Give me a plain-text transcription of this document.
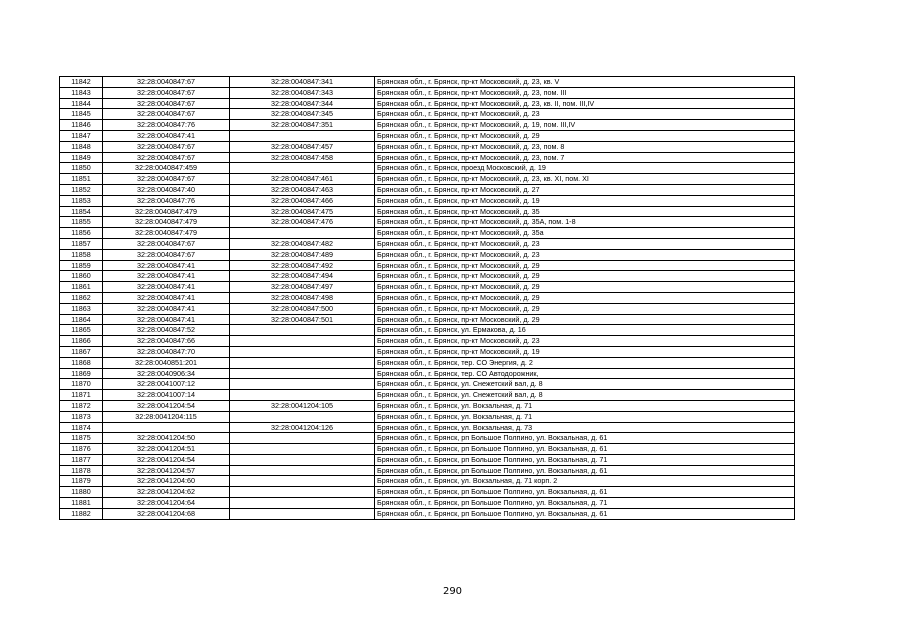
11842	32:28:0040847:67	32:28:0040847:341	Брянская обл., г. Брянск, пр-кт Московский, д. 23, кв. V
11843	32:28:0040847:67	32:28:0040847:343	Брянская обл., г. Брянск, пр-кт Московский, д. 23, пом. III
11844	32:28:0040847:67	32:28:0040847:344	Брянская обл., г. Брянск, пр-кт Московский, д. 23, кв. II, пом. III,IV
11845	32:28:0040847:67	32:28:0040847:345	Брянская обл., г. Брянск, пр-кт Московский, д. 23
11846	32:28:0040847:76	32:28:0040847:351	Брянская обл., г. Брянск, пр-кт Московский, д. 19, пом. III,IV
11847	32:28:0040847:41		Брянская обл., г. Брянск, пр-кт Московский, д. 29
11848	32:28:0040847:67	32:28:0040847:457	Брянская обл., г. Брянск, пр-кт Московский, д. 23, пом. 8
11849	32:28:0040847:67	32:28:0040847:458	Брянская обл., г. Брянск, пр-кт Московский, д. 23, пом. 7
11850	32:28:0040847:459		Брянская обл., г. Брянск, проезд Московский, д. 19
11851	32:28:0040847:67	32:28:0040847:461	Брянская обл., г. Брянск, пр-кт Московский, д. 23, кв. XI, пом. XI
11852	32:28:0040847:40	32:28:0040847:463	Брянская обл., г. Брянск, пр-кт Московский, д. 27
11853	32:28:0040847:76	32:28:0040847:466	Брянская обл., г. Брянск, пр-кт Московский, д. 19
11854	32:28:0040847:479	32:28:0040847:475	Брянская обл., г. Брянск, пр-кт Московский, д. 35
11855	32:28:0040847:479	32:28:0040847:476	Брянская обл., г. Брянск, пр-кт Московский, д. 35А, пом. 1-8
11856	32:28:0040847:479		Брянская обл., г. Брянск, пр-кт Московский, д. 35а
11857	32:28:0040847:67	32:28:0040847:482	Брянская обл., г. Брянск, пр-кт Московский, д. 23
11858	32:28:0040847:67	32:28:0040847:489	Брянская обл., г. Брянск, пр-кт Московский, д. 23
11859	32:28:0040847:41	32:28:0040847:492	Брянская обл., г. Брянск, пр-кт Московский, д. 29
11860	32:28:0040847:41	32:28:0040847:494	Брянская обл., г. Брянск, пр-кт Московский, д. 29
11861	32:28:0040847:41	32:28:0040847:497	Брянская обл., г. Брянск, пр-кт Московский, д. 29
11862	32:28:0040847:41	32:28:0040847:498	Брянская обл., г. Брянск, пр-кт Московский, д. 29
11863	32:28:0040847:41	32:28:0040847:500	Брянская обл., г. Брянск, пр-кт Московский, д. 29
11864	32:28:0040847:41	32:28:0040847:501	Брянская обл., г. Брянск, пр-кт Московский, д. 29
11865	32:28:0040847:52		Брянская обл., г. Брянск, ул. Ермакова, д. 16
11866	32:28:0040847:66		Брянская обл., г. Брянск, пр-кт Московский, д. 23
11867	32:28:0040847:70		Брянская обл., г. Брянск, пр-кт Московский, д. 19
11868	32:28:0040851:201		Брянская обл., г. Брянск, тер. СО Энергия, д. 2
11869	32:28:0040906:34		Брянская обл., г. Брянск, тер. СО Автодорожник,
11870	32:28:0041007:12		Брянская обл., г. Брянск, ул. Снежетский вал, д. 8
11871	32:28:0041007:14		Брянская обл., г. Брянск, ул. Снежетский вал, д. 8
11872	32:28:0041204:54	32:28:0041204:105	Брянская обл., г. Брянск, ул. Вокзальная, д. 71
11873	32:28:0041204:115		Брянская обл., г. Брянск, ул. Вокзальная, д. 71
11874		32:28:0041204:126	Брянская обл., г. Брянск, ул. Вокзальная, д. 73
11875	32:28:0041204:50		Брянская обл., г. Брянск, рп Большое Полпино, ул. Вокзальная, д. 61
11876	32:28:0041204:51		Брянская обл., г. Брянск, рп Большое Полпино, ул. Вокзальная, д. 61
11877	32:28:0041204:54		Брянская обл., г. Брянск, рп Большое Полпино, ул. Вокзальная, д. 71
11878	32:28:0041204:57		Брянская обл., г. Брянск, рп Большое Полпино, ул. Вокзальная, д. 61
11879	32:28:0041204:60		Брянская обл., г. Брянск, ул. Вокзальная, д. 71 корп. 2
11880	32:28:0041204:62		Брянская обл., г. Брянск, рп Большое Полпино, ул. Вокзальная, д. 61
11881	32:28:0041204:64		Брянская обл., г. Брянск, рп Большое Полпино, ул. Вокзальная, д. 71
11882	32:28:0041204:68		Брянская обл., г. Брянск, рп Большое Полпино, ул. Вокзальная, д. 61
290
